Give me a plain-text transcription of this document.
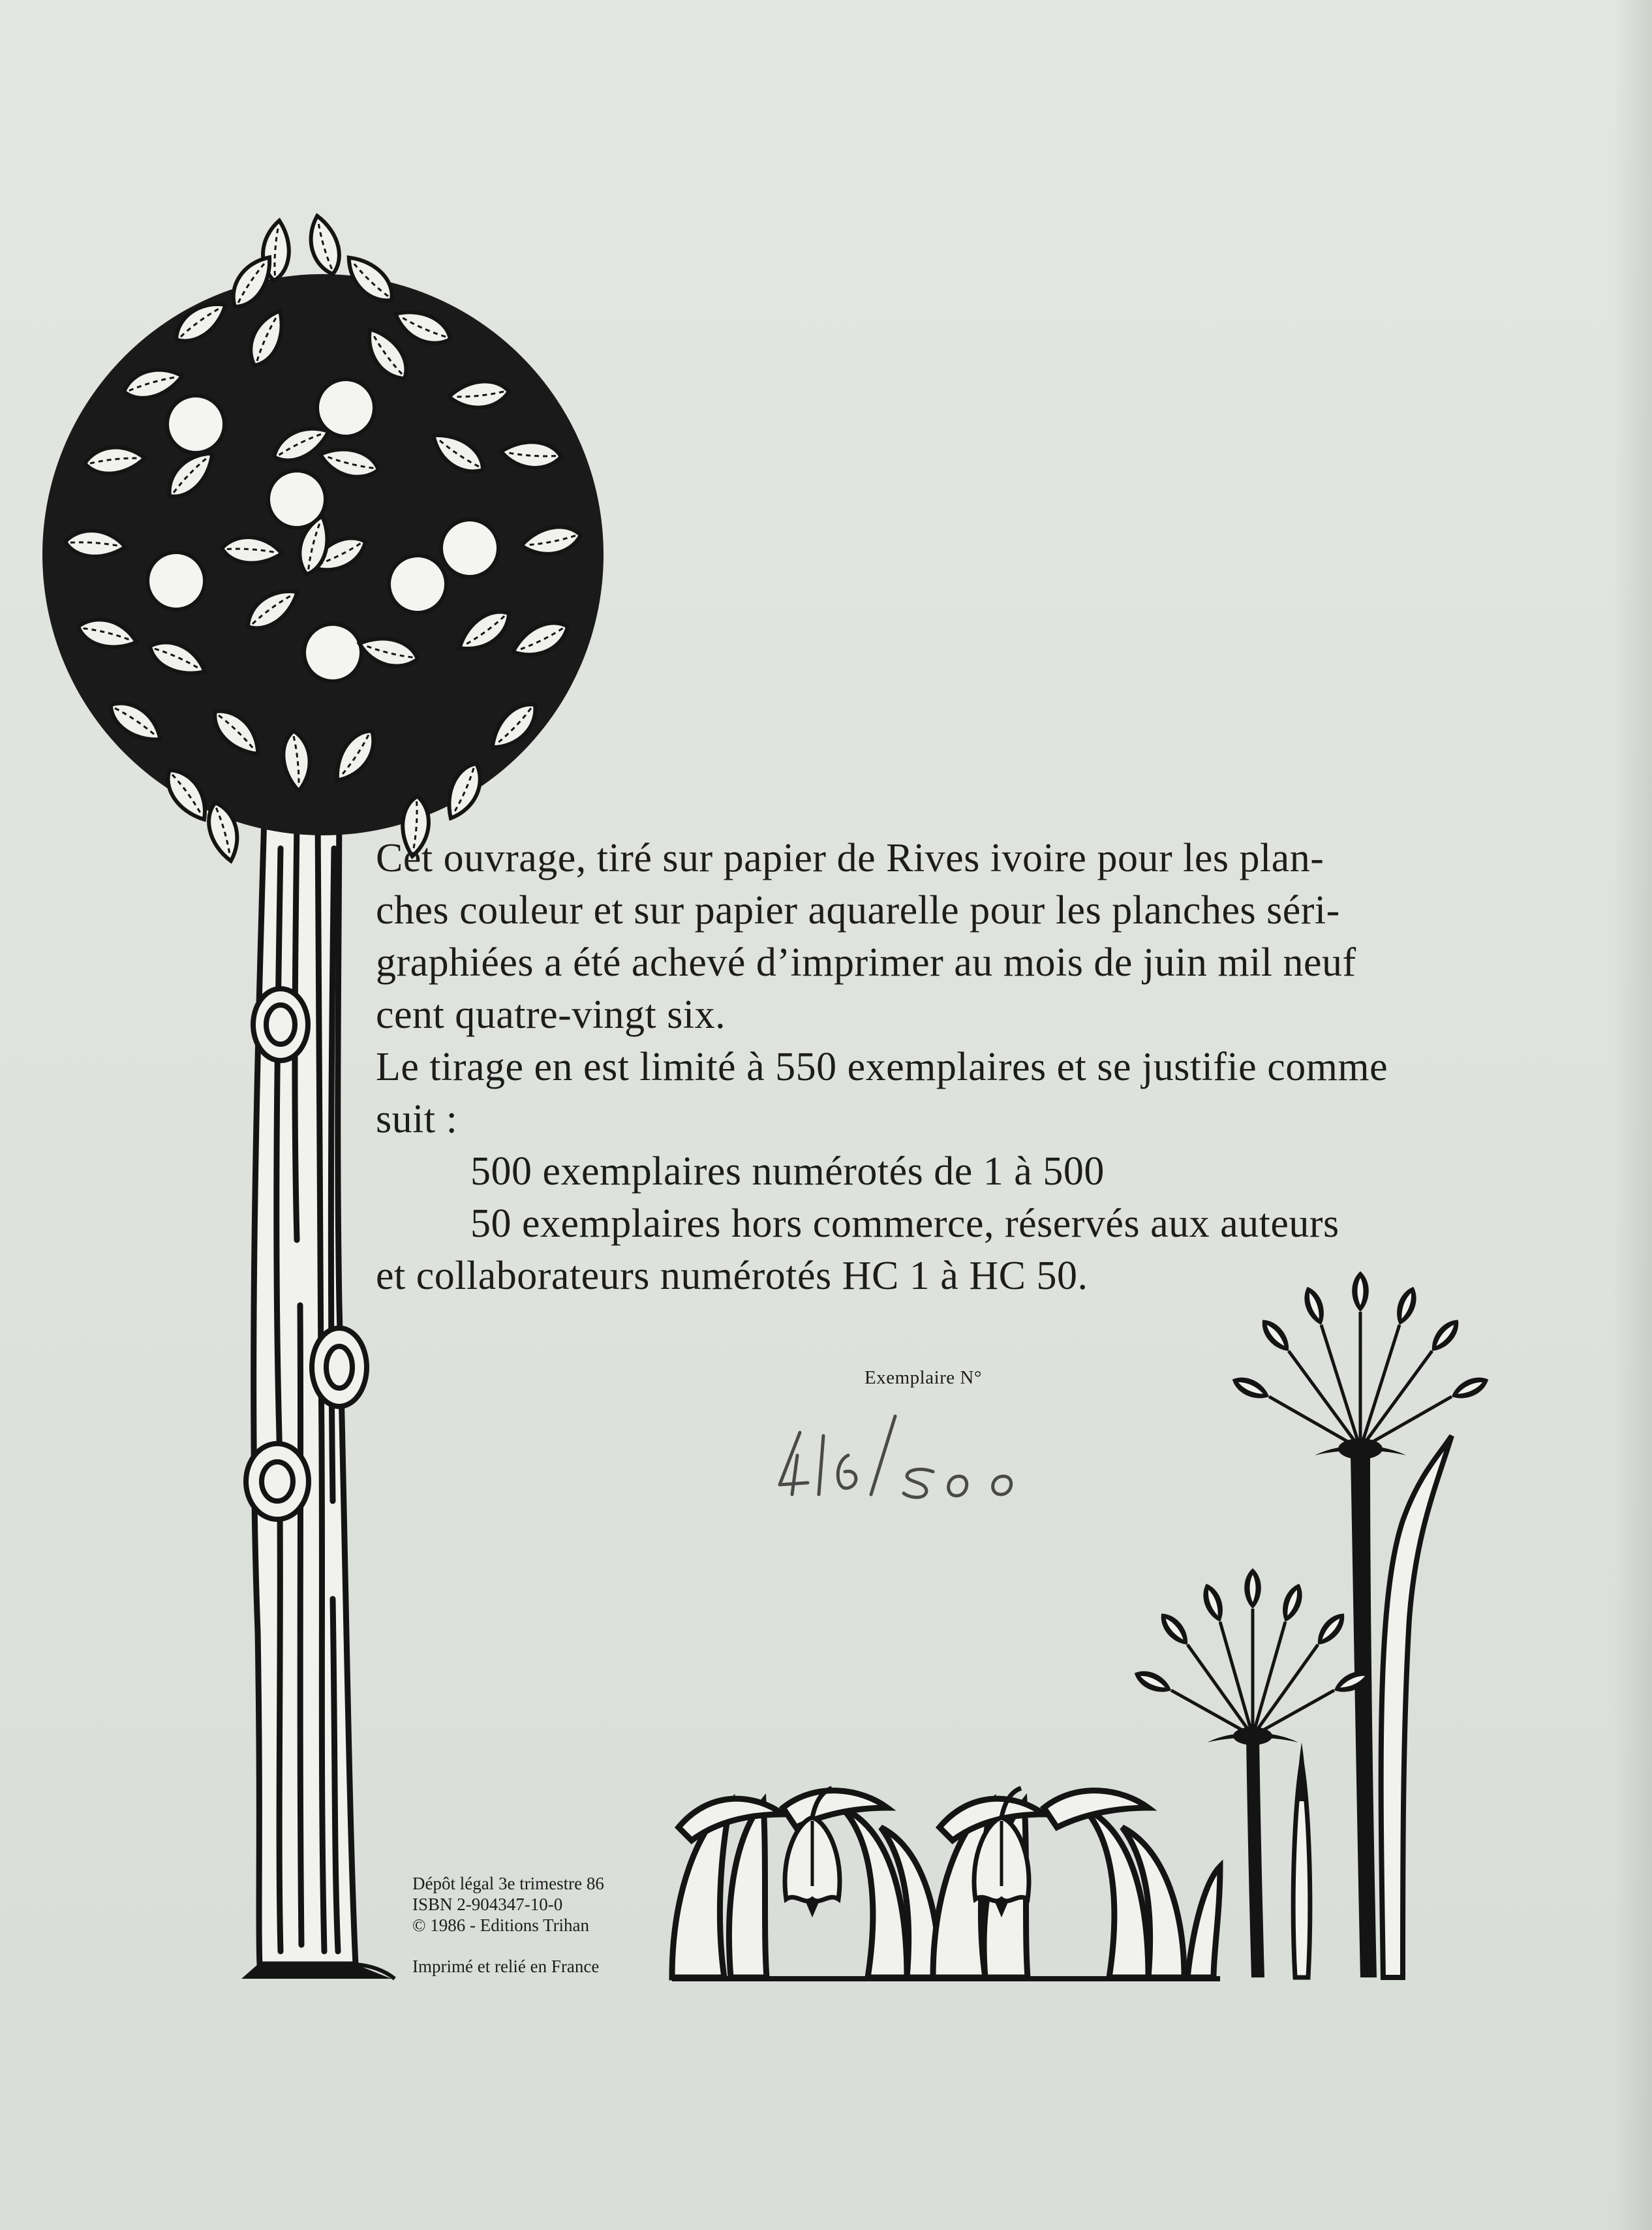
Cet ouvrage, tiré sur papier de Rives ivoire pour les plan-

ches couleur et sur papier aquarelle pour les planches séri-

graphiées a été achevé d’imprimer au mois de juin mil neuf

cent quatre-vingt six.

Le tirage en est limité à 550 exemplaires et se justifie comme

suit :

500 exemplaires numérotés de 1 à 500

50 exemplaires hors commerce, réservés aux auteurs

et collaborateurs numérotés HC 1 à HC 50.

Exemplaire N°
Dépôt légal 3e trimestre 86
ISBN 2-904347-10-0
© 1986 - Editions Trihan
Imprimé et relié en France
